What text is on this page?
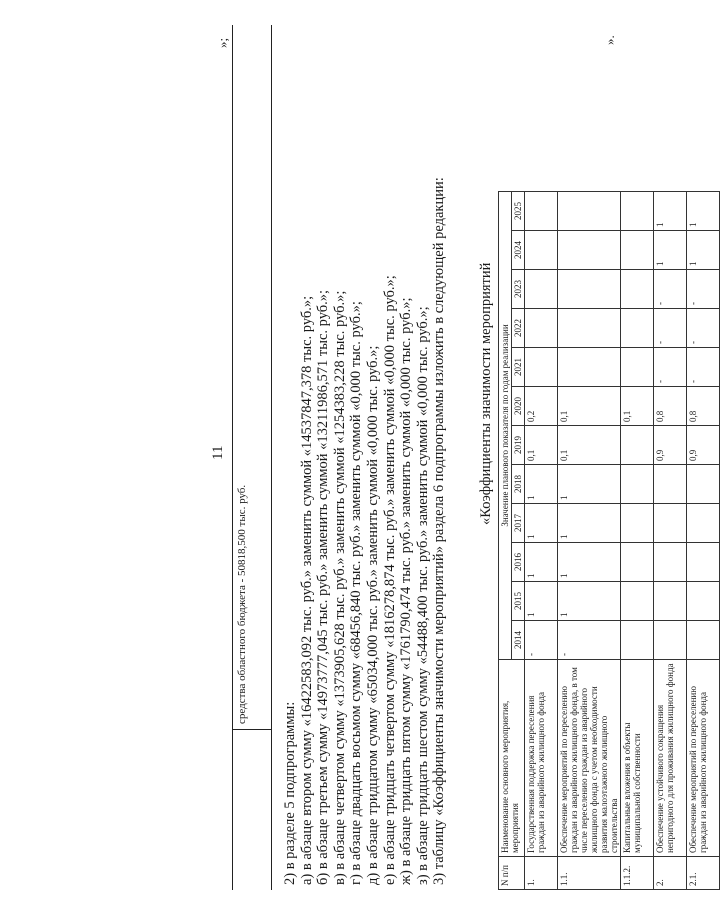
11
»;
средства областного бюджета - 50818,500 тыс. руб.
2) в разделе 5 подпрограммы: а) в абзаце втором сумму «16422583,092 тыс. руб.» заменить суммой «14537847,378 тыс. руб.»; б) в абзаце третьем сумму «14973777,045 тыс. руб.» заменить суммой «13211986,571 тыс. руб.»; в) в абзаце четвертом сумму «1373905,628 тыс. руб.» заменить суммой «1254383,228 тыс. руб.»; г) в абзаце двадцать восьмом сумму «68456,840 тыс. руб.» заменить суммой «0,000 тыс. руб.»; д) в абзаце тридцатом сумму «65034,000 тыс. руб.» заменить суммой «0,000 тыс. руб.»; е) в абзаце тридцать четвертом сумму «1816278,874 тыс. руб.» заменить суммой «0,000 тыс. руб.»; ж) в абзаце тридцать пятом сумму «1761790,474 тыс. руб.» заменить суммой «0,000 тыс. руб.»; з) в абзаце тридцать шестом сумму «54488,400 тыс. руб.» заменить суммой «0,000 тыс. руб.»; 3) таблицу «Коэффициенты значимости мероприятий» раздела 6 подпрограммы изложить в следующей редакции: «Коэффициенты значимости мероприятий
N п/п	Наименование основного мероприятия, мероприятия	Значение планового показателя по годам реализации											
		2014	2015	2016	2017	2018	2019	2020	2021	2022	2023	2024	2025
1.	Государственная поддержка переселения граждан из аварийного жилищного фонда	-	1	1	1	1	0,1	0,2					
1.1.	Обеспечение мероприятий по переселению граждан из аварийного жилищного фонда, в том числе переселению граждан из аварийного жилищного фонда с учетом необходимости развития малоэтажного жилищного строительства	-	1	1	1	1	0,1	0,1					
1.1.2.	Капитальные вложения в объекты муниципальной собственности							0,1					
2.	Обеспечение устойчивого сокращения непригодного для проживания жилищного фонда						0,9	0,8	-	-	-	1	1
2.1.	Обеспечение мероприятий по переселению граждан из аварийного жилищного фонда						0,9	0,8	-	-	-	1	1
».
